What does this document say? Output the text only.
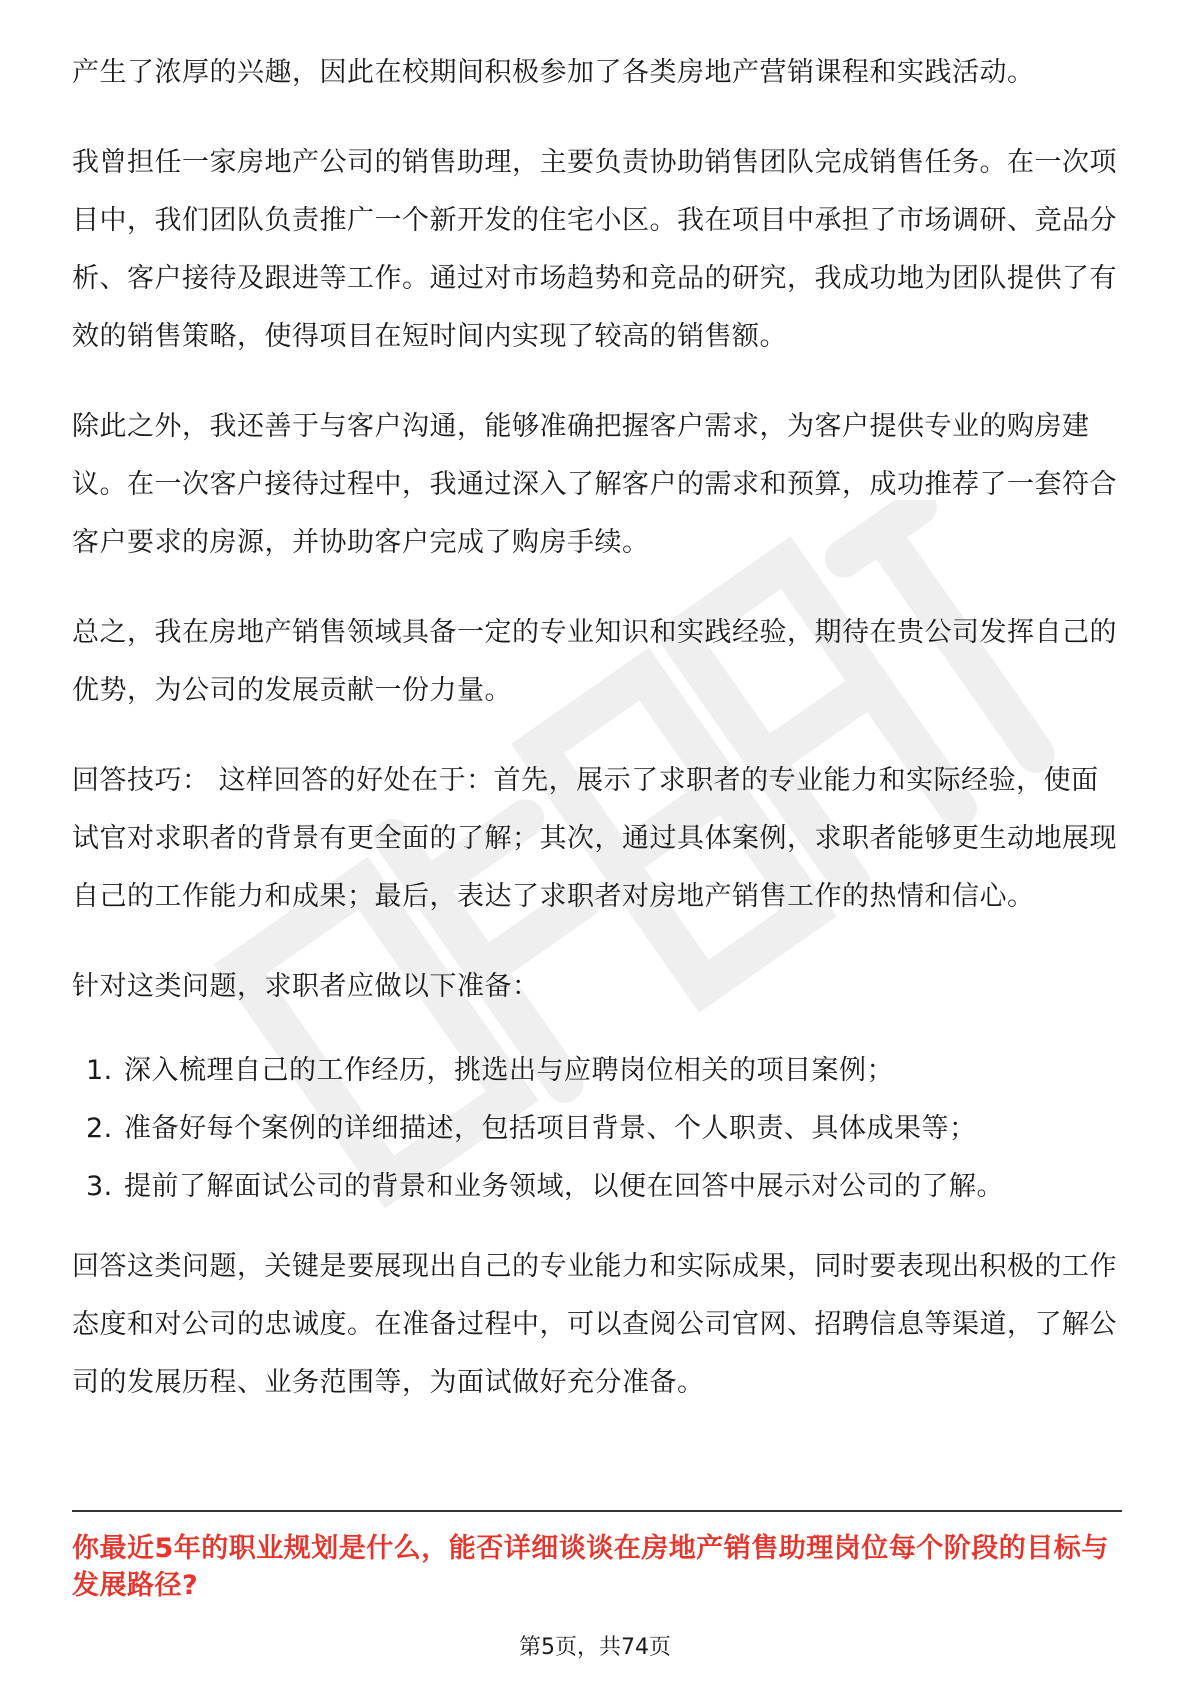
产生了浓厚的兴趣，因此在校期间积极参加了各类房地产营销课程和实践活动。

我曾担任一家房地产公司的销售助理，主要负责协助销售团队完成销售任务。在一次项目中，我们团队负责推广一个新开发的住宅小区。我在项目中承担了市场调研、竞品分析、客户接待及跟进等工作。通过对市场趋势和竞品的研究，我成功地为团队提供了有效的销售策略，使得项目在短时间内实现了较高的销售额。

除此之外，我还善于与客户沟通，能够准确把握客户需求，为客户提供专业的购房建议。在一次客户接待过程中，我通过深入了解客户的需求和预算，成功推荐了一套符合客户要求的房源，并协助客户完成了购房手续。

总之，我在房地产销售领域具备一定的专业知识和实践经验，期待在贵公司发挥自己的优势，为公司的发展贡献一份力量。

回答技巧： 这样回答的好处在于：首先，展示了求职者的专业能力和实际经验，使面试官对求职者的背景有更全面的了解；其次，通过具体案例，求职者能够更生动地展现自己的工作能力和成果；最后，表达了求职者对房地产销售工作的热情和信心。

针对这类问题，求职者应做以下准备：

1. 深入梳理自己的工作经历，挑选出与应聘岗位相关的项目案例；
2. 准备好每个案例的详细描述，包括项目背景、个人职责、具体成果等；
3. 提前了解面试公司的背景和业务领域，以便在回答中展示对公司的了解。

回答这类问题，关键是要展现出自己的专业能力和实际成果，同时要表现出积极的工作态度和对公司的忠诚度。在准备过程中，可以查阅公司官网、招聘信息等渠道，了解公司的发展历程、业务范围等，为面试做好充分准备。

你最近5年的职业规划是什么，能否详细谈谈在房地产销售助理岗位每个阶段的目标与发展路径?
第5页，共74页
